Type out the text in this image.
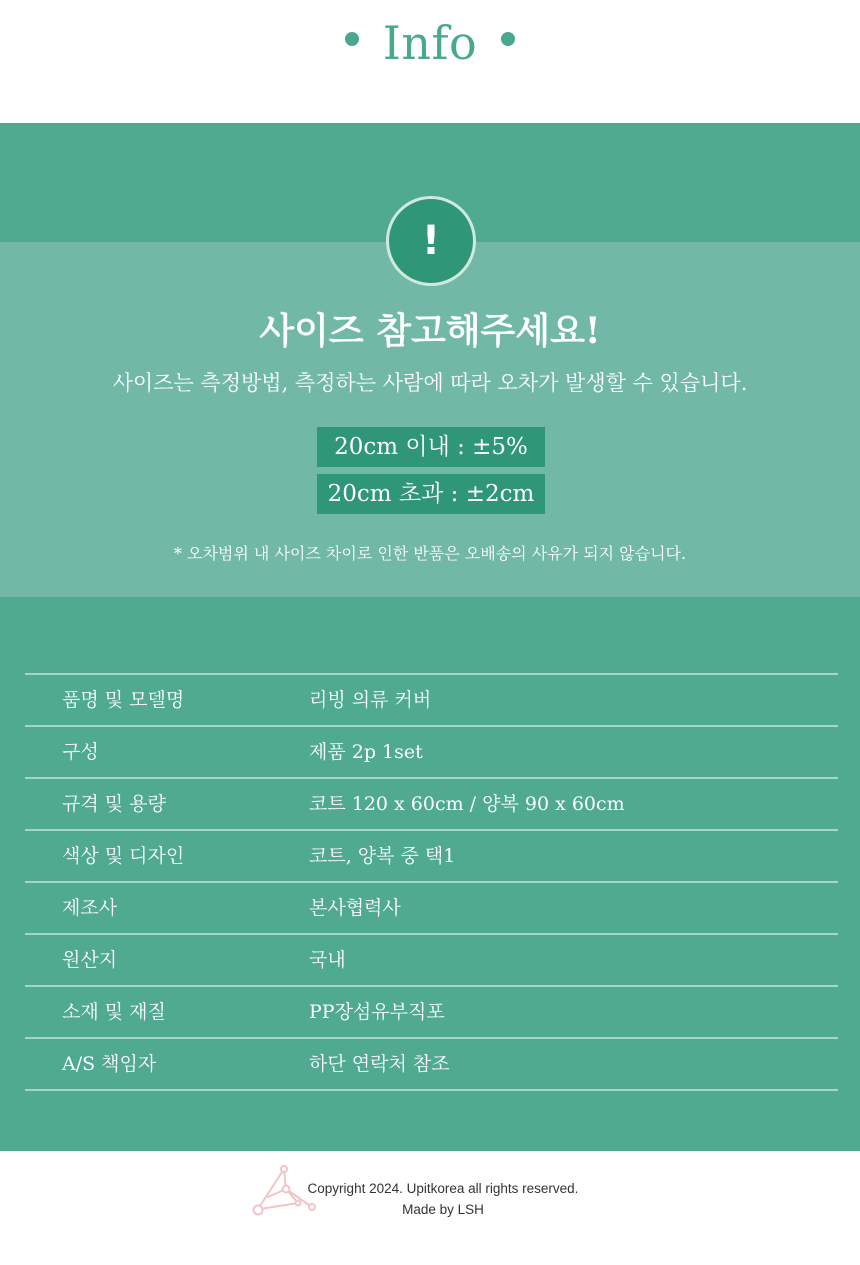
Info
!
사이즈 참고해주세요!
사이즈는 측정방법, 측정하는 사람에 따라 오차가 발생할 수 있습니다.
20cm 이내 : ±5%
20cm 초과 : ±2cm
* 오차범위 내 사이즈 차이로 인한 반품은 오배송의 사유가 되지 않습니다.
품명 및 모델명	리빙 의류 커버
구성	제품 2p 1set
규격 및 용량	코트 120 x 60cm / 양복 90 x 60cm
색상 및 디자인	코트, 양복 중 택1
제조사	본사협력사
원산지	국내
소재 및 재질	PP장섬유부직포
A/S 책임자	하단 연락처 참조
Copyright 2024. Upitkorea all rights reserved.
Made by LSH
